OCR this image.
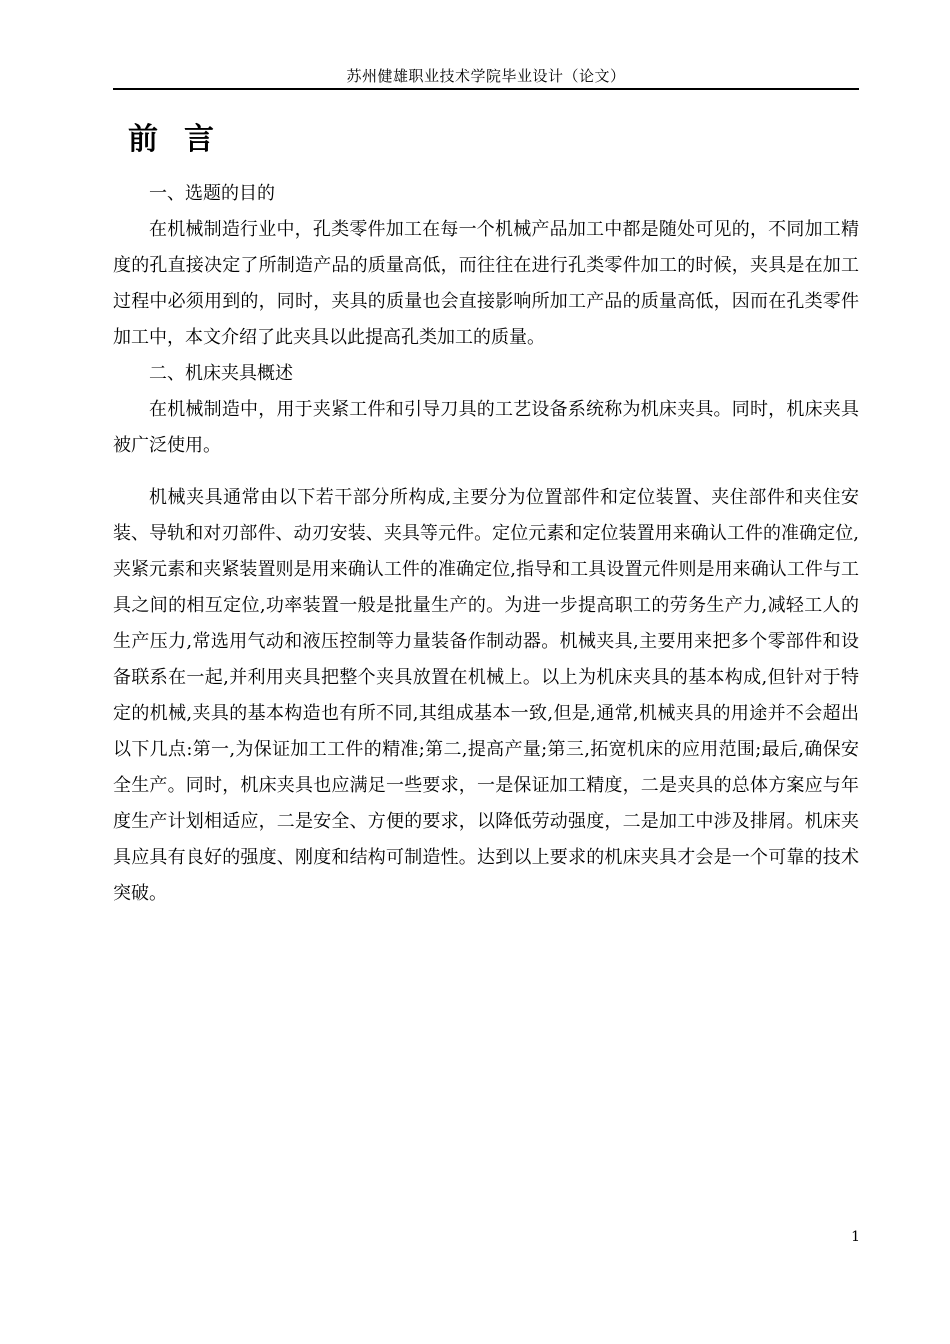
苏州健雄职业技术学院毕业设计（论文）
前言

一、选题的目的

在机械制造行业中，孔类零件加工在每一个机械产品加工中都是随处可见的，不同加工精度的孔直接决定了所制造产品的质量高低，而往往在进行孔类零件加工的时候，夹具是在加工过程中必须用到的，同时，夹具的质量也会直接影响所加工产品的质量高低，因而在孔类零件加工中，本文介绍了此夹具以此提高孔类加工的质量。

二、机床夹具概述

在机械制造中，用于夹紧工件和引导刀具的工艺设备系统称为机床夹具。同时，机床夹具被广泛使用。

机械夹具通常由以下若干部分所构成,主要分为位置部件和定位装置、夹住部件和夹住安装、导轨和对刃部件、动刃安装、夹具等元件。定位元素和定位装置用来确认工件的准确定位,夹紧元素和夹紧装置则是用来确认工件的准确定位,指导和工具设置元件则是用来确认工件与工具之间的相互定位,功率装置一般是批量生产的。为进一步提高职工的劳务生产力,减轻工人的生产压力,常选用气动和液压控制等力量装备作制动器。机械夹具,主要用来把多个零部件和设备联系在一起,并利用夹具把整个夹具放置在机械上。以上为机床夹具的基本构成,但针对于特定的机械,夹具的基本构造也有所不同,其组成基本一致,但是,通常,机械夹具的用途并不会超出以下几点:第一,为保证加工工件的精准;第二,提高产量;第三,拓宽机床的应用范围;最后,确保安全生产。同时，机床夹具也应满足一些要求，一是保证加工精度，二是夹具的总体方案应与年度生产计划相适应，二是安全、方便的要求，以降低劳动强度，二是加工中涉及排屑。机床夹具应具有良好的强度、刚度和结构可制造性。达到以上要求的机床夹具才会是一个可靠的技术突破。

1
